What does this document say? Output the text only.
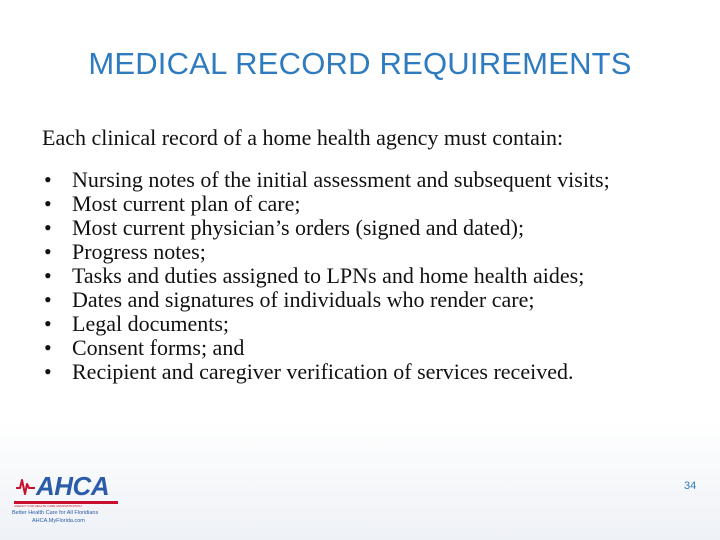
MEDICAL RECORD REQUIREMENTS
Each clinical record of a home health agency must contain:
• Nursing notes of the initial assessment and subsequent visits;
• Most current plan of care;
• Most current physician’s orders (signed and dated);
• Progress notes;
• Tasks and duties assigned to LPNs and home health aides;
• Dates and signatures of individuals who render care;
• Legal documents;
• Consent forms; and
• Recipient and caregiver verification of services received.
AHCA
AGENCY FOR HEALTH CARE ADMINISTRATION
Better Health Care for All Floridians
AHCA.MyFlorida.com
34
